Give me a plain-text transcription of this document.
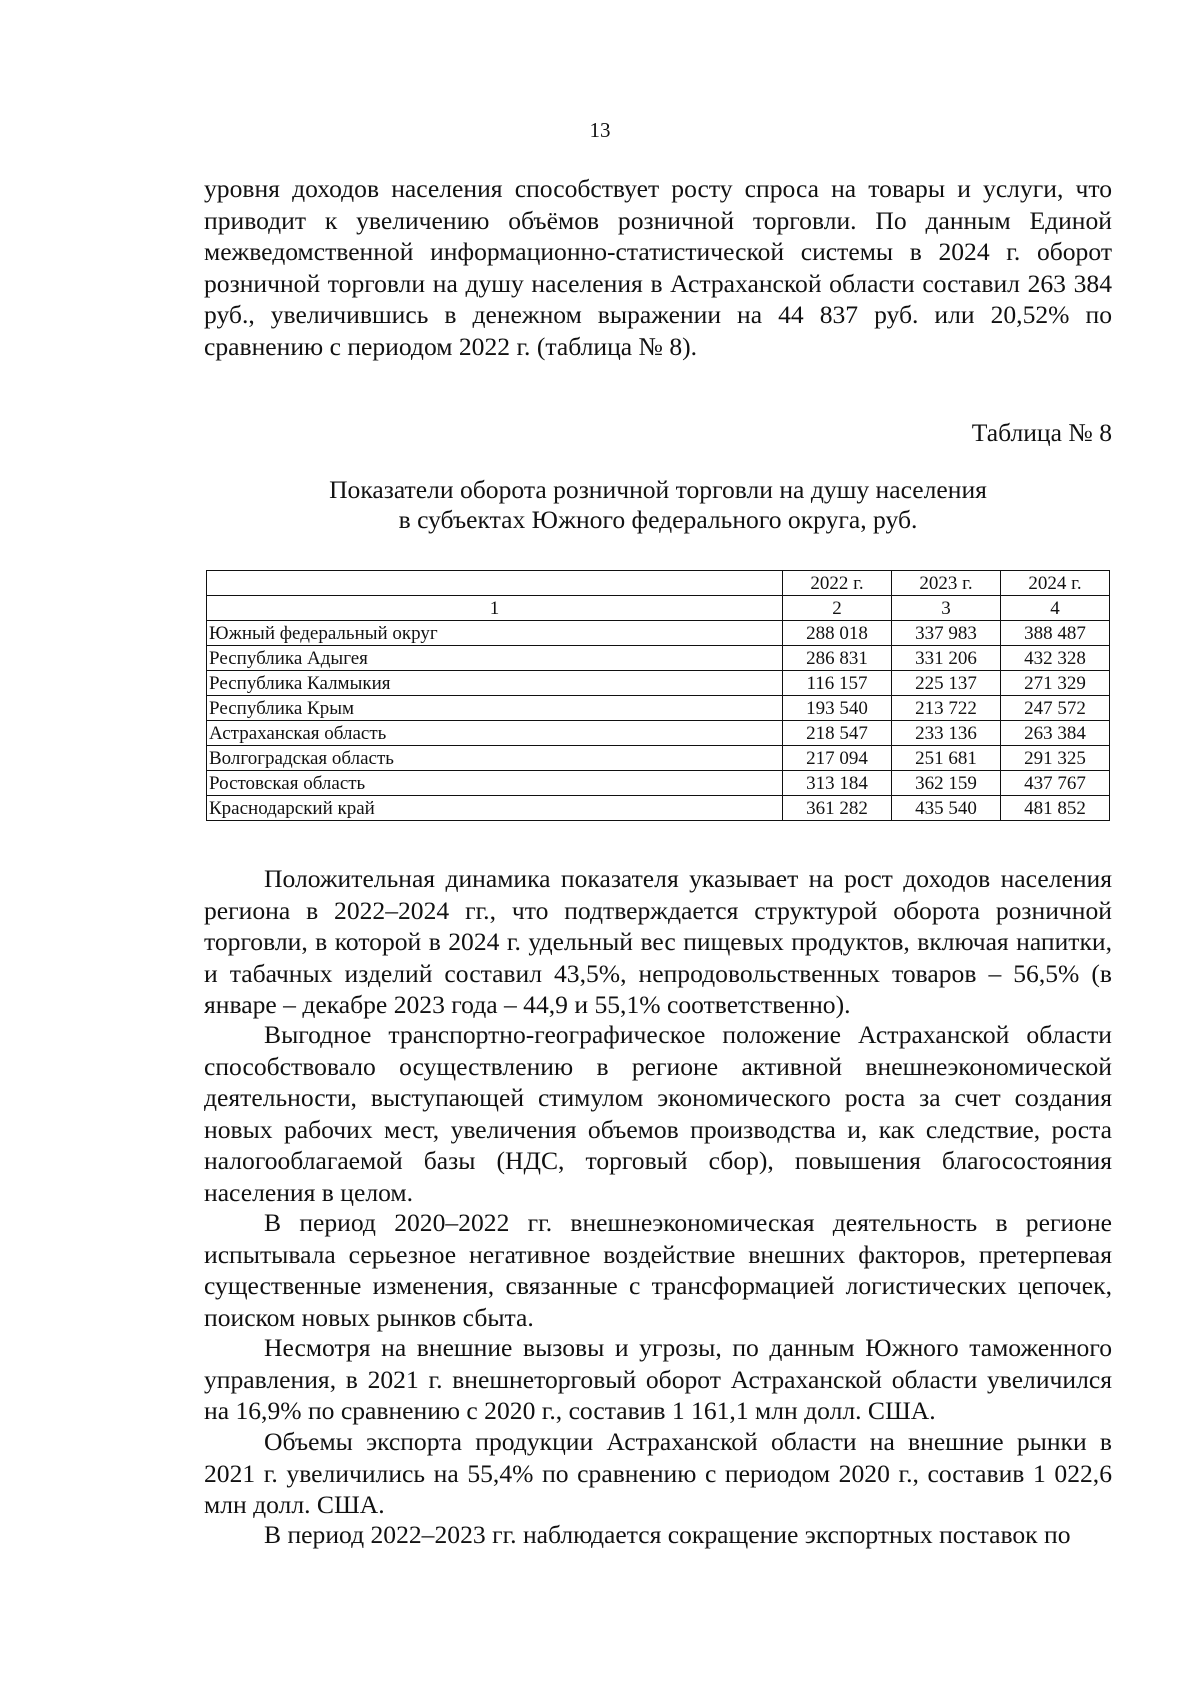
13

уровня доходов населения способствует росту спроса на товары и услуги, что приводит к увеличению объёмов розничной торговли. По данным Единой межведомственной информационно-статистической системы в 2024 г. оборот розничной торговли на душу населения в Астраханской области составил 263 384 руб., увеличившись в денежном выражении на 44 837 руб. или 20,52% по сравнению с периодом 2022 г. (таблица № 8).

Таблица № 8
Показатели оборота розничной торговли на душу населения
в субъектах Южного федерального округа, руб.
	2022 г.	2023 г.	2024 г.
1	2	3	4
Южный федеральный округ	288 018	337 983	388 487
Республика Адыгея	286 831	331 206	432 328
Республика Калмыкия	116 157	225 137	271 329
Республика Крым	193 540	213 722	247 572
Астраханская область	218 547	233 136	263 384
Волгоградская область	217 094	251 681	291 325
Ростовская область	313 184	362 159	437 767
Краснодарский край	361 282	435 540	481 852

Положительная динамика показателя указывает на рост доходов населения региона в 2022–2024 гг., что подтверждается структурой оборота розничной торговли, в которой в 2024 г. удельный вес пищевых продуктов, включая напитки, и табачных изделий составил 43,5%, непродовольственных товаров – 56,5% (в январе – декабре 2023 года – 44,9 и 55,1% соответственно).

Выгодное транспортно-географическое положение Астраханской области способствовало осуществлению в регионе активной внешнеэкономической деятельности, выступающей стимулом экономического роста за счет создания новых рабочих мест, увеличения объемов производства и, как следствие, роста налогооблагаемой базы (НДС, торговый сбор), повышения благосостояния населения в целом.

В период 2020–2022 гг. внешнеэкономическая деятельность в регионе испытывала серьезное негативное воздействие внешних факторов, претерпевая существенные изменения, связанные с трансформацией логистических цепочек, поиском новых рынков сбыта.

Несмотря на внешние вызовы и угрозы, по данным Южного таможенного управления, в 2021 г. внешнеторговый оборот Астраханской области увеличился на 16,9% по сравнению с 2020 г., составив 1 161,1 млн долл. США.

Объемы экспорта продукции Астраханской области на внешние рынки в 2021 г. увеличились на 55,4% по сравнению с периодом 2020 г., составив 1 022,6 млн долл. США.

В период 2022–2023 гг. наблюдается сокращение экспортных поставок по
